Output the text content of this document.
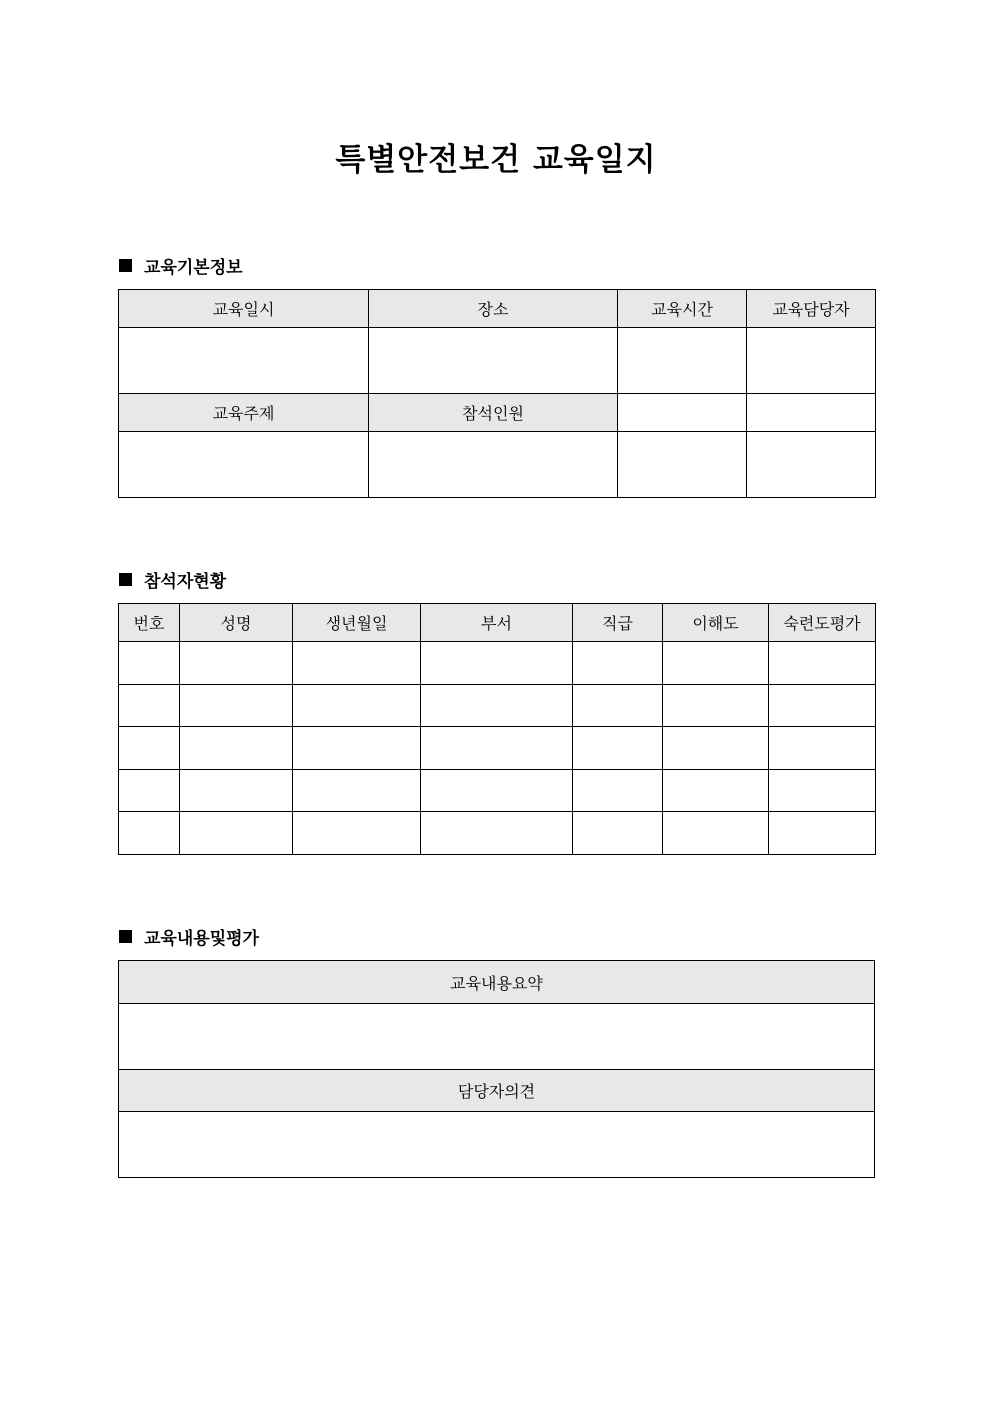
특별안전보건 교육일지
교육기본정보
교육일시	장소	교육시간	교육담당자

교육주제	참석인원		

참석자현황
번호	성명	생년월일	부서	직급	이해도	숙련도평가

교육내용및평가
교육내용요약

담당자의견
